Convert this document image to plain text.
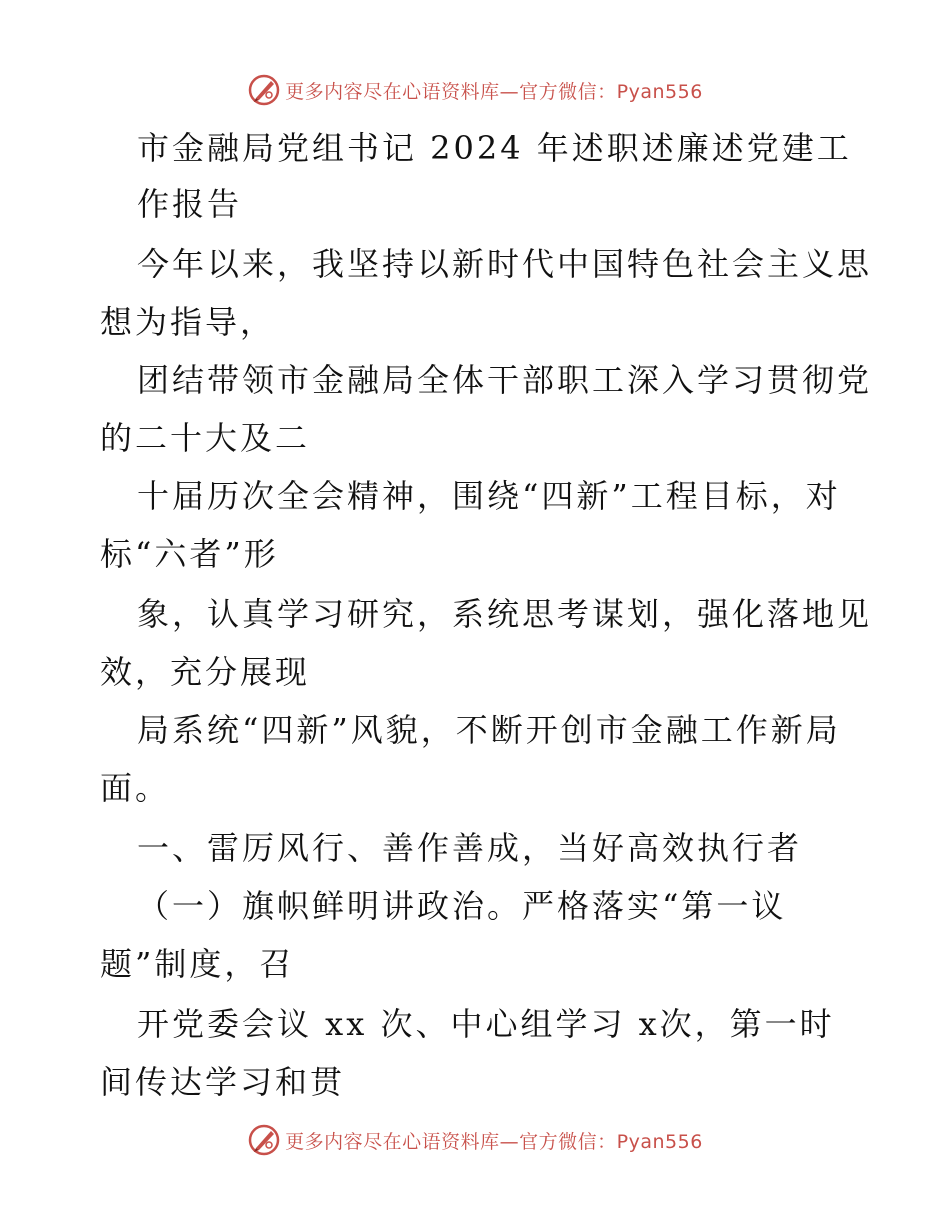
更多内容尽在心语资料库—官方微信：Pyan556
市金融局党组书记 2024 年述职述廉述党建工
作报告
今年以来，我坚持以新时代中国特色社会主义思
想为指导，
团结带领市金融局全体干部职工深入学习贯彻党
的二十大及二
十届历次全会精神，围绕“四新”工程目标，对
标“六者”形
象，认真学习研究，系统思考谋划，强化落地见
效，充分展现
局系统“四新”风貌，不断开创市金融工作新局
面。
一、雷厉风行、善作善成，当好高效执行者
（一）旗帜鲜明讲政治。严格落实“第一议
题”制度，召
开党委会议 xx 次、中心组学习 x次，第一时
间传达学习和贯
更多内容尽在心语资料库—官方微信：Pyan556
